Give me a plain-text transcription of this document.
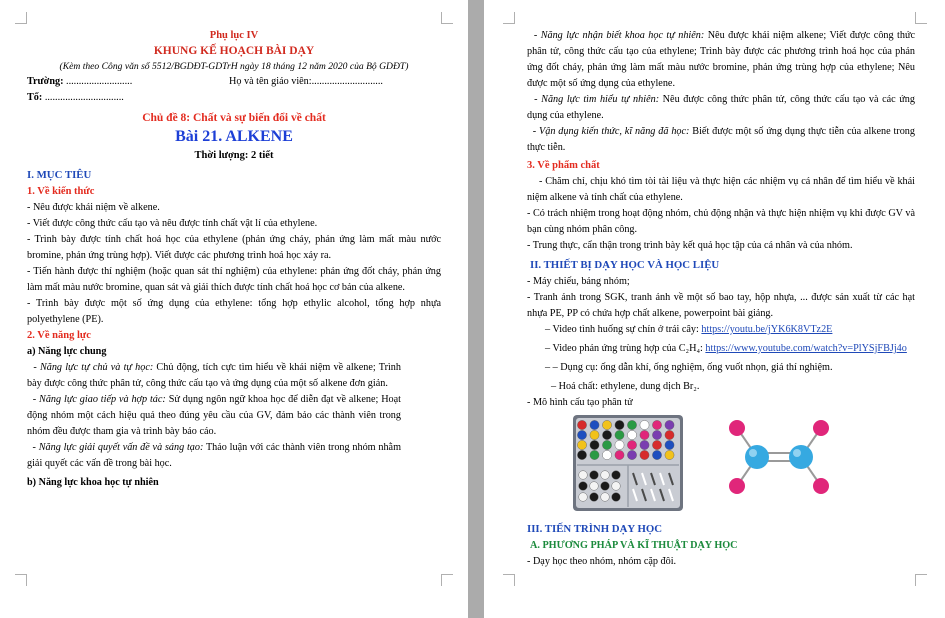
Phụ lục IV
KHUNG KẾ HOẠCH BÀI DẠY
(Kèm theo Công văn số 5512/BGDĐT-GDTrH ngày 18 tháng 12 năm 2020 của Bộ GDĐT)
Trường: ..........................	Họ và tên giáo viên:............................
Tổ: ...............................
Chủ đề 8: Chất và sự biến đổi về chất
Bài 21. ALKENE
Thời lượng: 2 tiết
I. MỤC TIÊU
1. Về kiến thức
- Nêu được khái niệm về alkene.
- Viết được công thức cấu tạo và nêu được tính chất vật lí của ethylene.
- Trình bày được tính chất hoá học của ethylene (phản ứng cháy, phản ứng làm mất màu nước bromine, phản ứng trùng hợp). Viết được các phương trình hoá học xảy ra.
- Tiến hành được thí nghiệm (hoặc quan sát thí nghiệm) của ethylene: phản ứng đốt cháy, phản ứng làm mất màu nước bromine, quan sát và giải thích được tính chất hoá học cơ bản của alkene.
- Trình bày được một số ứng dụng của ethylene: tổng hợp ethylic alcohol, tổng hợp nhựa polyethylene (PE).
2. Về năng lực
a) Năng lực chung
- Năng lực tự chủ và tự học: Chủ động, tích cực tìm hiểu về khái niệm về alkene; Trình bày được công thức phân tử, công thức cấu tạo và ứng dụng của một số alkene đơn giản.
- Năng lực giao tiếp và hợp tác: Sử dụng ngôn ngữ khoa học để diễn đạt về alkene; Hoạt động nhóm một cách hiệu quả theo đúng yêu cầu của GV, đảm bảo các thành viên trong nhóm đều được tham gia và trình bày báo cáo.
- Năng lực giải quyết vấn đề và sáng tạo: Thảo luận với các thành viên trong nhóm nhằm giải quyết các vấn đề trong bài học.
b) Năng lực khoa học tự nhiên
- Năng lực nhận biết khoa học tự nhiên: Nêu được khái niệm alkene; Viết được công thức phân tử, công thức cấu tạo của ethylene; Trình bày được các phương trình hoá học của phản ứng đốt cháy, phản ứng làm mất màu nước bromine, phản ứng trùng hợp của ethylene; Nêu được một số ứng dụng của ethylene.
- Năng lực tìm hiểu tự nhiên: Nêu được công thức phân tử, công thức cấu tạo và các ứng dụng của ethylene.
- Vận dụng kiến thức, kĩ năng đã học: Biết được một số ứng dụng thực tiễn của alkene trong thực tiễn.
3. Về phẩm chất
- Chăm chỉ, chịu khó tìm tòi tài liệu và thực hiện các nhiệm vụ cá nhân để tìm hiểu về khái niệm alkene và tính chất của ethylene.
- Có trách nhiệm trong hoạt động nhóm, chủ động nhận và thực hiện nhiệm vụ khi được GV và bạn cùng nhóm phân công.
- Trung thực, cẩn thận trong trình bày kết quả học tập của cá nhân và của nhóm.
II. THIẾT BỊ DẠY HỌC VÀ HỌC LIỆU
- Máy chiếu, bảng nhóm;
- Tranh ảnh trong SGK, tranh ảnh về một số bao tay, hộp nhựa, ... được sản xuất từ các hạt nhựa PE, PP có chứa hợp chất alkene, powerpoint bài giảng.
– Video tình huống sự chín ở trái cây: https://youtu.be/jYK6K8VTz2E
– Video phản ứng trùng hợp của C₂H₄: https://www.youtube.com/watch?v=PlYSjFBJj4o
– – Dụng cụ: ống dẫn khí, ống nghiệm, ống vuốt nhọn, giá thí nghiệm.
– Hoá chất: ethylene, dung dịch Br₂.
- Mô hình cấu tạo phân tử
III. TIẾN TRÌNH DẠY HỌC
A. PHƯƠNG PHÁP VÀ KĨ THUẬT DẠY HỌC
- Dạy học theo nhóm, nhóm cặp đôi.
